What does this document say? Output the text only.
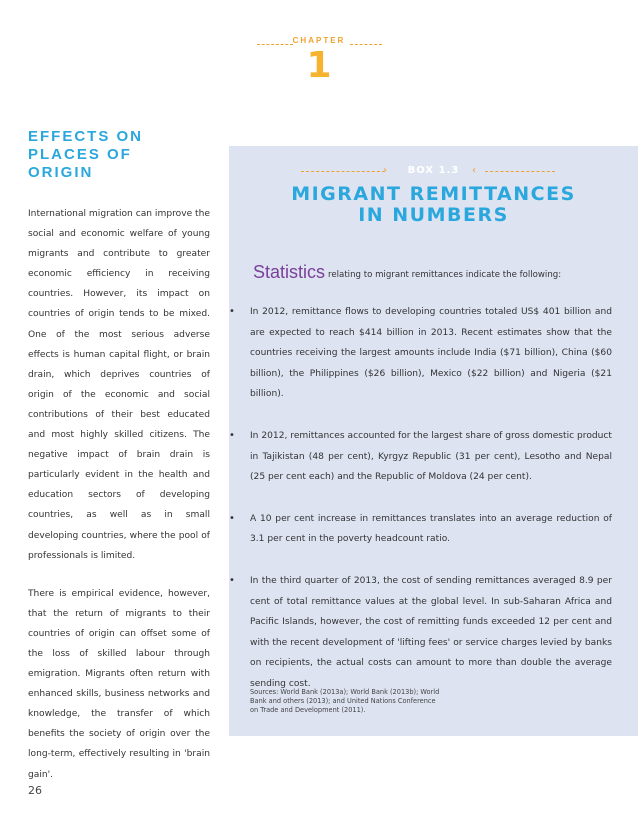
CHAPTER
1
EFFECTS ON PLACES OF ORIGIN

International migration can improve the social and economic welfare of young migrants and contribute to greater economic efficiency in receiving countries. However, its impact on countries of origin tends to be mixed. One of the most serious adverse effects is human capital flight, or brain drain, which deprives countries of origin of the economic and social contributions of their best educated and most highly skilled citizens. The negative impact of brain drain is particularly evident in the health and education sectors of developing countries, as well as in small developing countries, where the pool of professionals is limited.

There is empirical evidence, however, that the return of migrants to their countries of origin can offset some of the loss of skilled labour through emigration. Migrants often return with enhanced skills, business networks and knowledge, the transfer of which benefits the society of origin over the long-term, effectively resulting in 'brain gain'.

›	BOX 1.3	‹
MIGRANT REMITTANCES
IN NUMBERS
Statistics relating to migrant remittances indicate the following:
• In 2012, remittance flows to developing countries totaled US$ 401 billion and are expected to reach $414 billion in 2013. Recent estimates show that the countries receiving the largest amounts include India ($71 billion), China ($60 billion), the Philippines ($26 billion), Mexico ($22 billion) and Nigeria ($21 billion).
• In 2012, remittances accounted for the largest share of gross domestic product in Tajikistan (48 per cent), Kyrgyz Republic (31 per cent), Lesotho and Nepal (25 per cent each) and the Republic of Moldova (24 per cent).
• A 10 per cent increase in remittances translates into an average reduction of 3.1 per cent in the poverty headcount ratio.
• In the third quarter of 2013, the cost of sending remittances averaged 8.9 per cent of total remittance values at the global level. In sub-Saharan Africa and Pacific Islands, however, the cost of remitting funds exceeded 12 per cent and with the recent development of 'lifting fees' or service charges levied by banks on recipients, the actual costs can amount to more than double the average sending cost.
Sources: World Bank (2013a); World Bank (2013b); World Bank and others (2013); and United Nations Conference on Trade and Development (2011).
26
